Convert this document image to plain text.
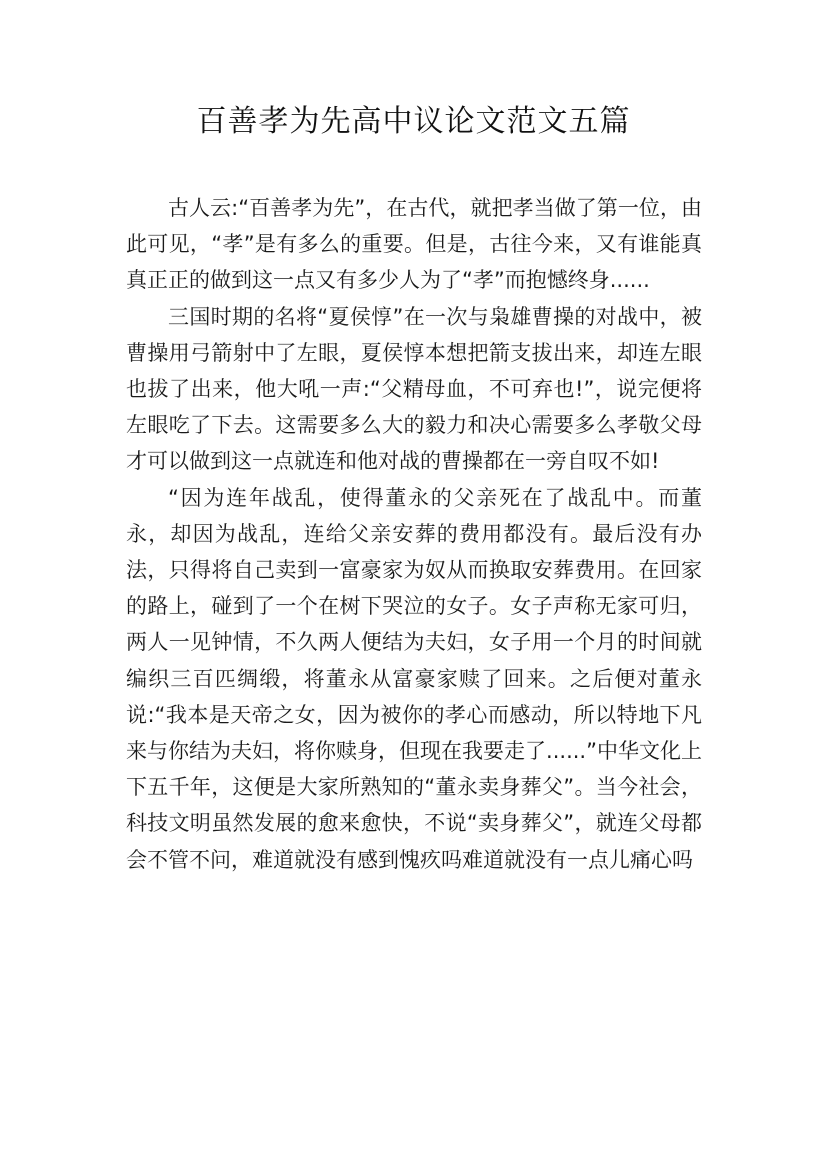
百善孝为先高中议论文范文五篇

古人云:“百善孝为先”，在古代，就把孝当做了第一位，由此可见，“孝”是有多么的重要。但是，古往今来，又有谁能真真正正的做到这一点又有多少人为了“孝”而抱憾终身......

三国时期的名将“夏侯惇”在一次与枭雄曹操的对战中，被曹操用弓箭射中了左眼，夏侯惇本想把箭支拔出来，却连左眼也拔了出来，他大吼一声:“父精母血，不可弃也!”，说完便将左眼吃了下去。这需要多么大的毅力和决心需要多么孝敬父母才可以做到这一点就连和他对战的曹操都在一旁自叹不如!

“因为连年战乱，使得董永的父亲死在了战乱中。而董永，却因为战乱，连给父亲安葬的费用都没有。最后没有办法，只得将自己卖到一富豪家为奴从而换取安葬费用。在回家的路上，碰到了一个在树下哭泣的女子。女子声称无家可归，两人一见钟情，不久两人便结为夫妇，女子用一个月的时间就编织三百匹绸缎，将董永从富豪家赎了回来。之后便对董永说:“我本是天帝之女，因为被你的孝心而感动，所以特地下凡来与你结为夫妇，将你赎身，但现在我要走了......”中华文化上下五千年，这便是大家所熟知的“董永卖身葬父”。当今社会，科技文明虽然发展的愈来愈快，不说“卖身葬父”，就连父母都会不管不问，难道就没有感到愧疚吗难道就没有一点儿痛心吗
